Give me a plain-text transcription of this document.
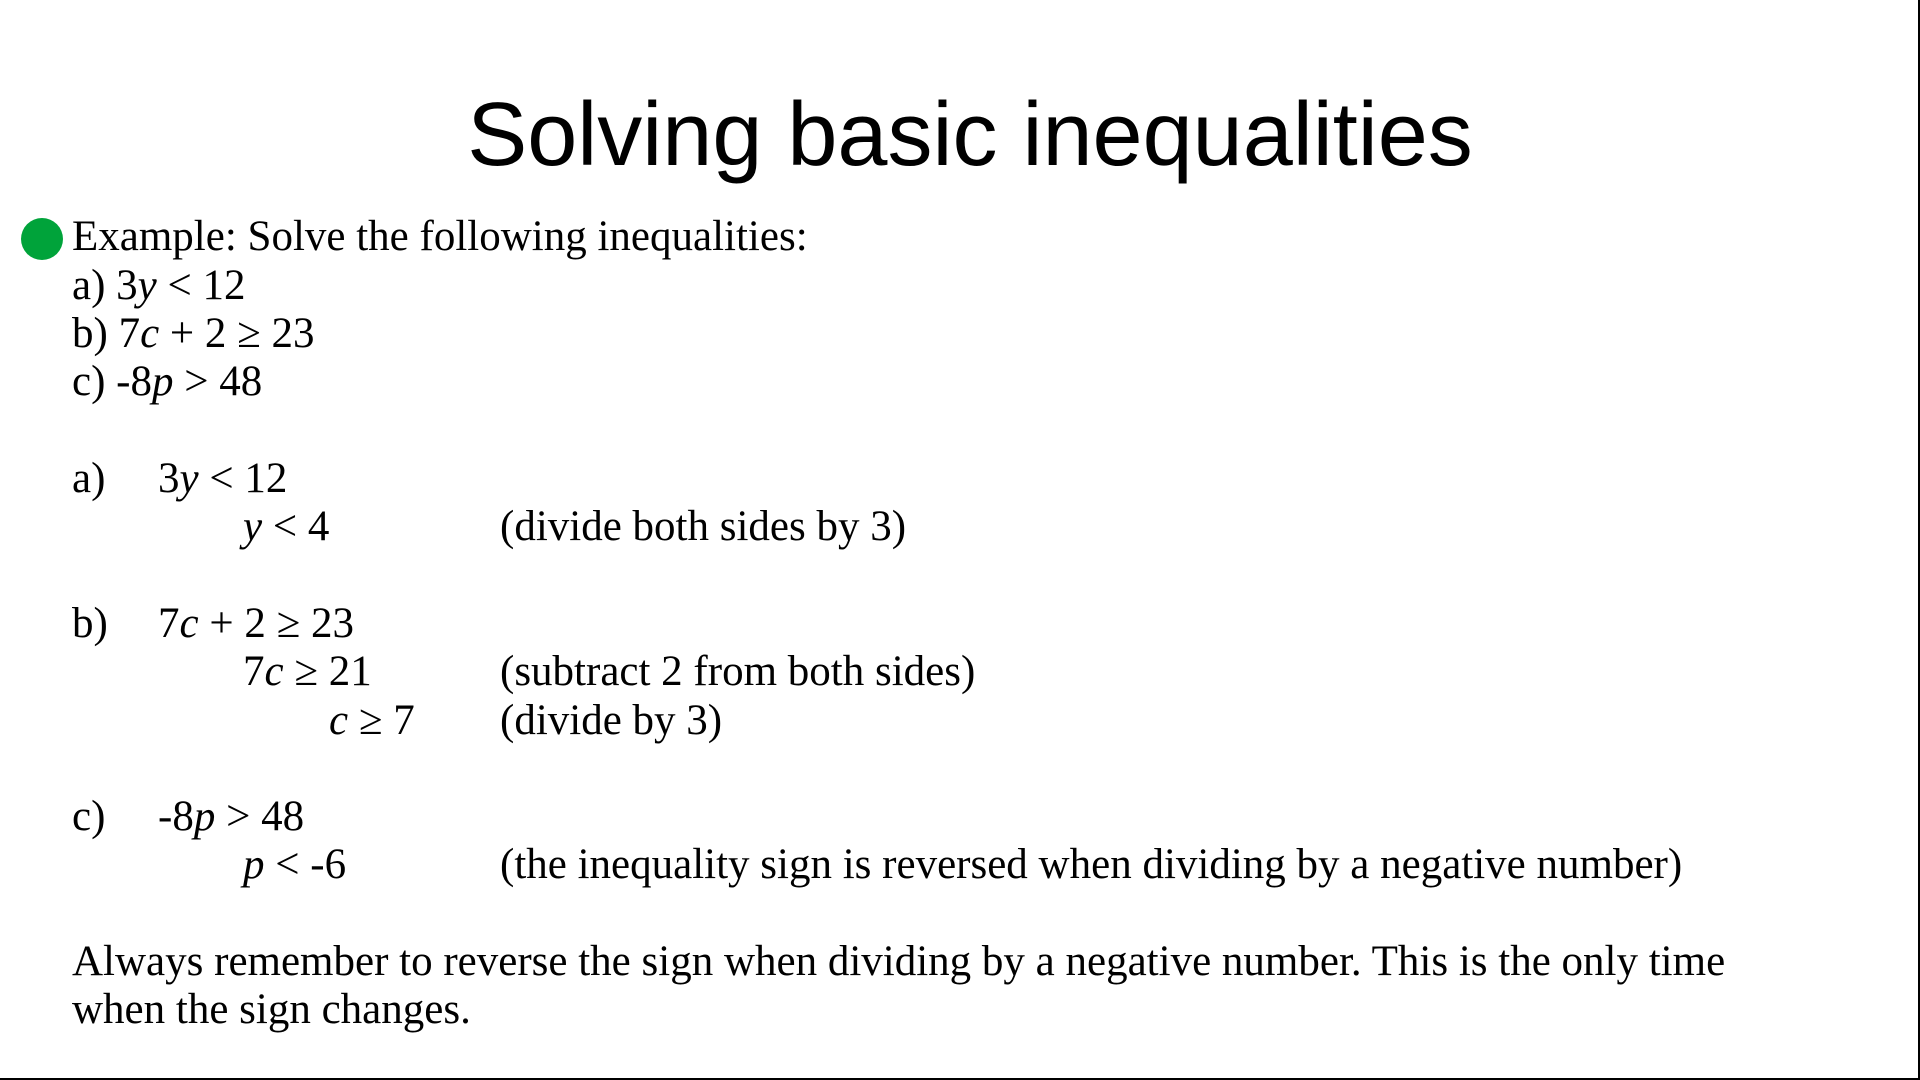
Solving basic inequalities
Example: Solve the following inequalities:
a) 3y < 12
b) 7c + 2 ≥ 23
c) -8p > 48
a) 3y < 12
y < 4	(divide both sides by 3)
b) 7c + 2 ≥ 23
7c ≥ 21	(subtract 2 from both sides)
c ≥ 7 (divide by 3)
c) -8p > 48
p < -6	(the inequality sign is reversed when dividing by a negative number)
Always remember to reverse the sign when dividing by a negative number. This is the only time
when the sign changes.
